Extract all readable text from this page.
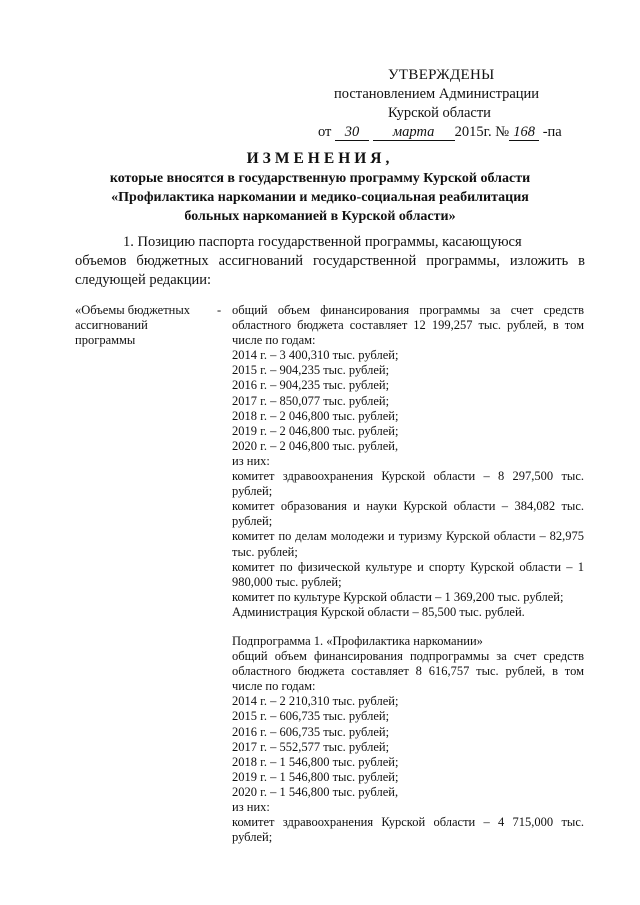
УТВЕРЖДЕНЫ
постановлением Администрации
Курской области
от 30 марта 2015г. № 168 -па
ИЗМЕНЕНИЯ,
которые вносятся в государственную программу Курской области
«Профилактика наркомании и медико-социальная реабилитация
больных наркоманией в Курской области»
1. Позицию паспорта государственной программы, касающуюся
объемов бюджетных ассигнований государственной программы, изложить в следующей редакции:
«Объемы бюджетных
ассигнований
программы
- общий объем финансирования программы за счет средств областного бюджета составляет 12 199,257 тыс. рублей, в том числе по годам:
2014 г. – 3 400,310 тыс. рублей;
2015 г. – 904,235 тыс. рублей;
2016 г. – 904,235 тыс. рублей;
2017 г. – 850,077 тыс. рублей;
2018 г. – 2 046,800 тыс. рублей;
2019 г. – 2 046,800 тыс. рублей;
2020 г. – 2 046,800 тыс. рублей,
из них:
комитет здравоохранения Курской области – 8 297,500 тыс. рублей;
комитет образования и науки Курской области – 384,082 тыс. рублей;
комитет по делам молодежи и туризму Курской области – 82,975 тыс. рублей;
комитет по физической культуре и спорту Курской области – 1 980,000 тыс. рублей;
комитет по культуре Курской области – 1 369,200 тыс. рублей;
Администрация Курской области – 85,500 тыс. рублей.
Подпрограмма 1. «Профилактика наркомании»
общий объем финансирования подпрограммы за счет средств областного бюджета составляет 8 616,757 тыс. рублей, в том числе по годам:
2014 г. – 2 210,310 тыс. рублей;
2015 г. – 606,735 тыс. рублей;
2016 г. – 606,735 тыс. рублей;
2017 г. – 552,577 тыс. рублей;
2018 г. – 1 546,800 тыс. рублей;
2019 г. – 1 546,800 тыс. рублей;
2020 г. – 1 546,800 тыс. рублей,
из них:
комитет здравоохранения Курской области – 4 715,000 тыс. рублей;
